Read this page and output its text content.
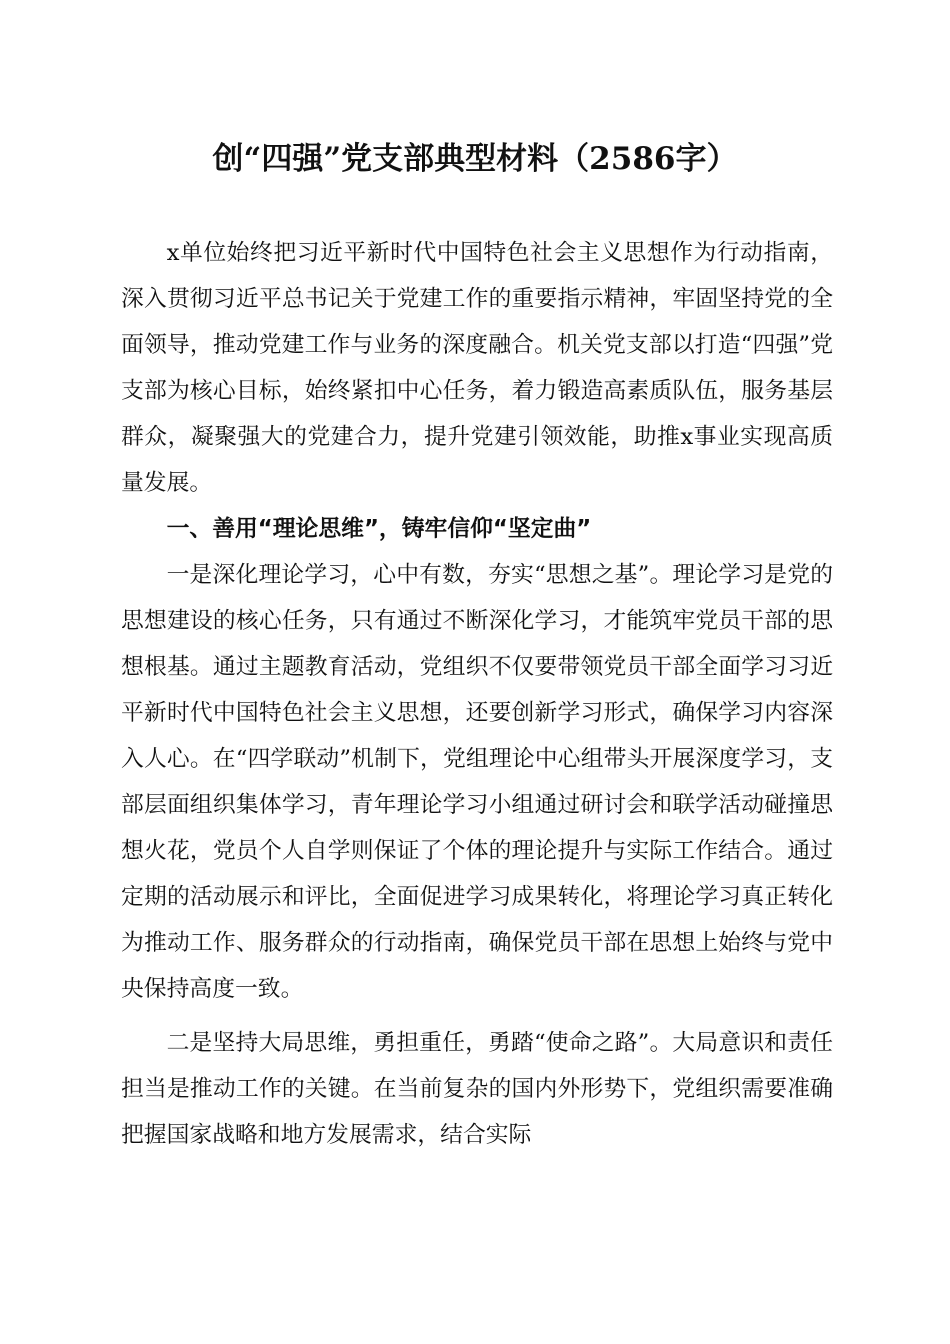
创“四强”党支部典型材料（2586字）

x单位始终把习近平新时代中国特色社会主义思想作为行动指南，深入贯彻习近平总书记关于党建工作的重要指示精神，牢固坚持党的全面领导，推动党建工作与业务的深度融合。机关党支部以打造“四强”党支部为核心目标，始终紧扣中心任务，着力锻造高素质队伍，服务基层群众，凝聚强大的党建合力，提升党建引领效能，助推x事业实现高质量发展。

一、善用“理论思维”，铸牢信仰“坚定曲”

一是深化理论学习，心中有数，夯实“思想之基”。理论学习是党的思想建设的核心任务，只有通过不断深化学习，才能筑牢党员干部的思想根基。通过主题教育活动，党组织不仅要带领党员干部全面学习习近平新时代中国特色社会主义思想，还要创新学习形式，确保学习内容深入人心。在“四学联动”机制下，党组理论中心组带头开展深度学习，支部层面组织集体学习，青年理论学习小组通过研讨会和联学活动碰撞思想火花，党员个人自学则保证了个体的理论提升与实际工作结合。通过定期的活动展示和评比，全面促进学习成果转化，将理论学习真正转化为推动工作、服务群众的行动指南，确保党员干部在思想上始终与党中央保持高度一致。

二是坚持大局思维，勇担重任，勇踏“使命之路”。大局意识和责任担当是推动工作的关键。在当前复杂的国内外形势下，党组织需要准确把握国家战略和地方发展需求，结合实际
